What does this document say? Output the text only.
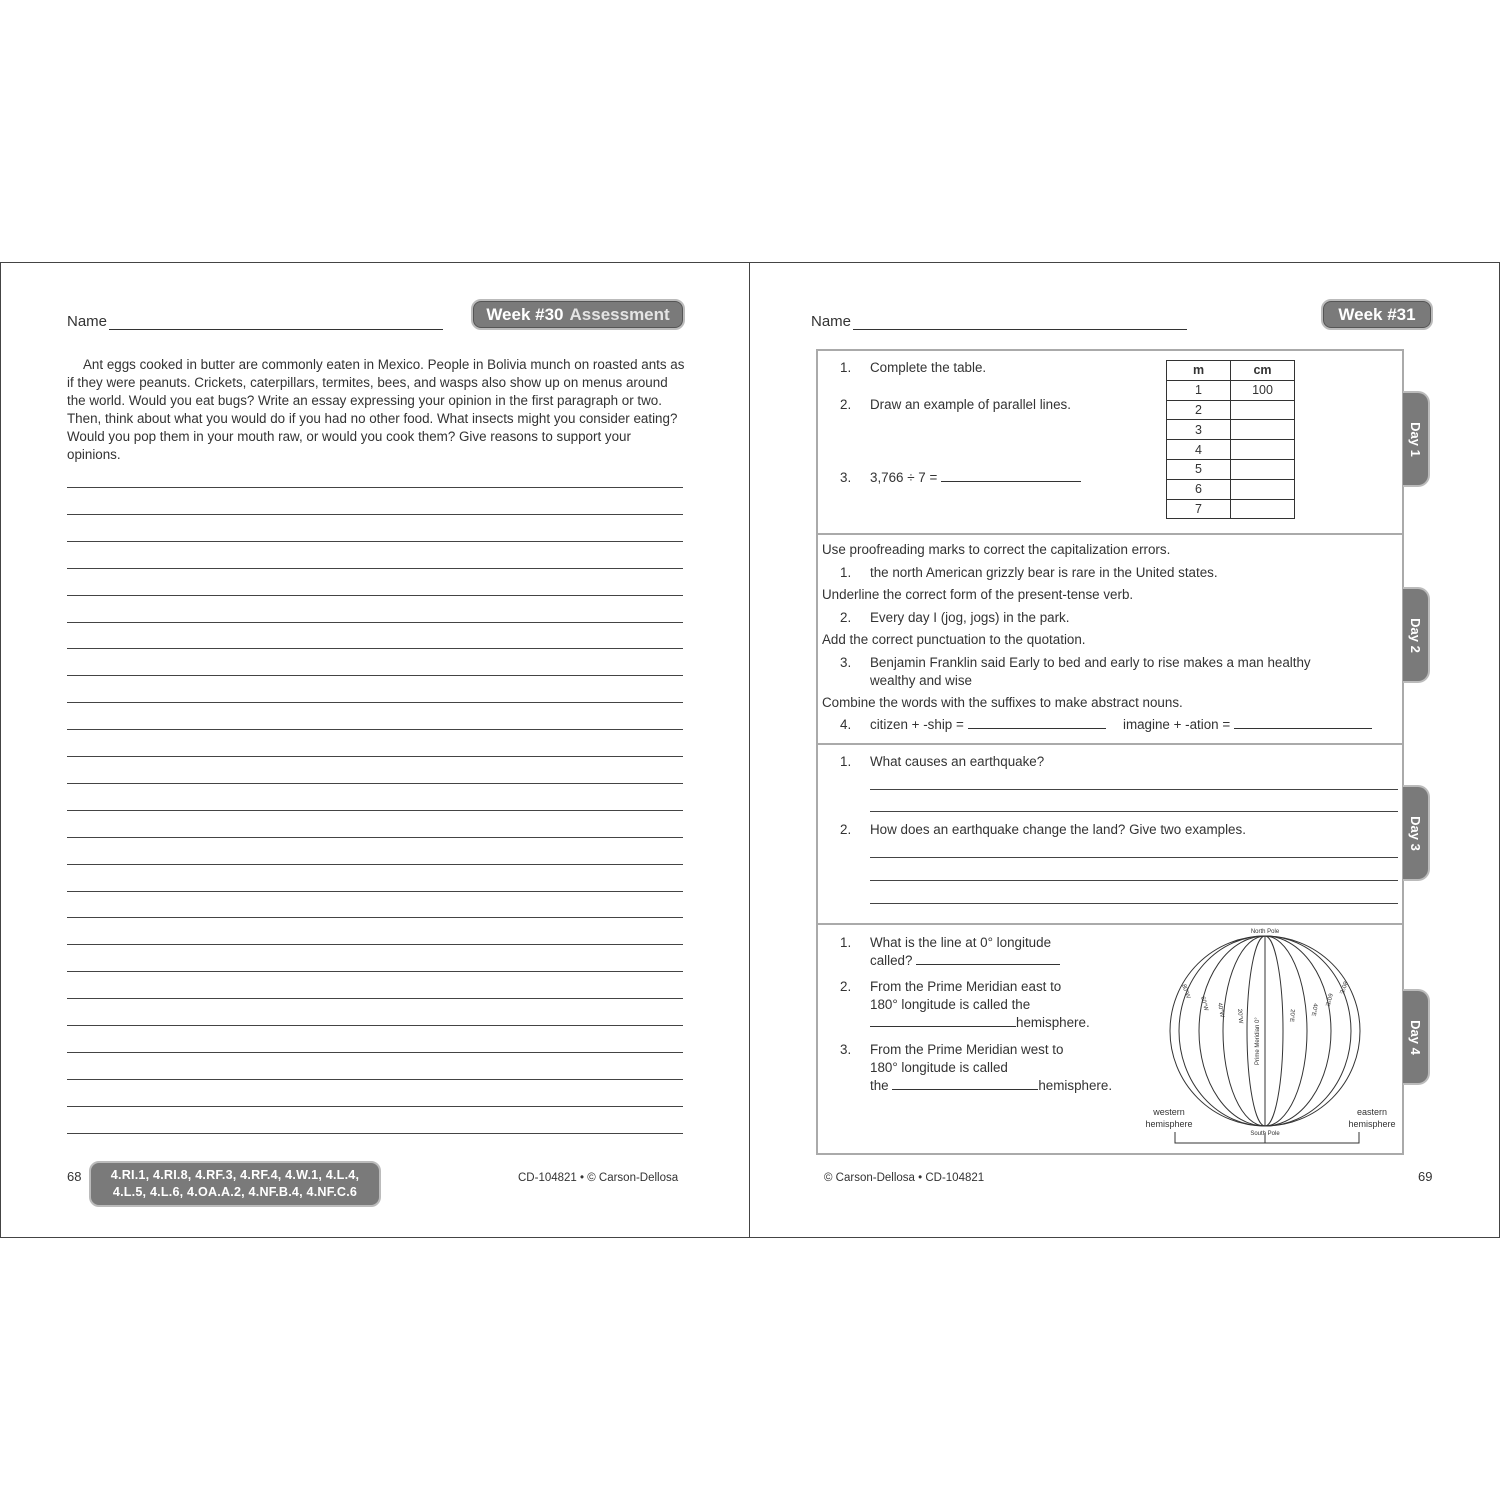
Name	Week #30 Assessment

Ant eggs cooked in butter are commonly eaten in Mexico. People in Bolivia munch on roasted ants as if they were peanuts. Crickets, caterpillars, termites, bees, and wasps also show up on menus around the world. Would you eat bugs? Write an essay expressing your opinion in the first paragraph or two. Then, think about what you would do if you had no other food. What insects might you consider eating? Would you pop them in your mouth raw, or would you cook them? Give reasons to support your opinions.

68	4.RI.1, 4.RI.8, 4.RF.3, 4.RF.4, 4.W.1, 4.L.4,
4.L.5, 4.L.6, 4.OA.A.2, 4.NF.B.4, 4.NF.C.6
CD-104821 • © Carson-Dellosa
Name	Week #31
1. Complete the table.
2. Draw an example of parallel lines.
3. 3,766 ÷ 7 =
m	cm
1	100
2	
3	
4	
5	
6	
7	
Use proofreading marks to correct the capitalization errors.
1. the north American grizzly bear is rare in the United states.
Underline the correct form of the present-tense verb.
2. Every day I (jog, jogs) in the park.
Add the correct punctuation to the quotation.
3. Benjamin Franklin said Early to bed and early to rise makes a man healthy
wealthy and wise
Combine the words with the suffixes to make abstract nouns.
4. citizen + -ship =	imagine + -ation =
1. What causes an earthquake?
2. How does an earthquake change the land? Give two examples.
1. What is the line at 0° longitude
called?
2. From the Prime Meridian east to
180° longitude is called the
hemisphere.
3. From the Prime Meridian west to
180° longitude is called
the	hemisphere.
North Pole
South Pole
Prime Meridian 0°
80°W
60°W 40°W 20°W	20°E 40°E
60°E
80°E
western
hemisphere
eastern
hemisphere
Day 1
Day 2
Day 3
Day 4
© Carson-Dellosa • CD-104821	69
